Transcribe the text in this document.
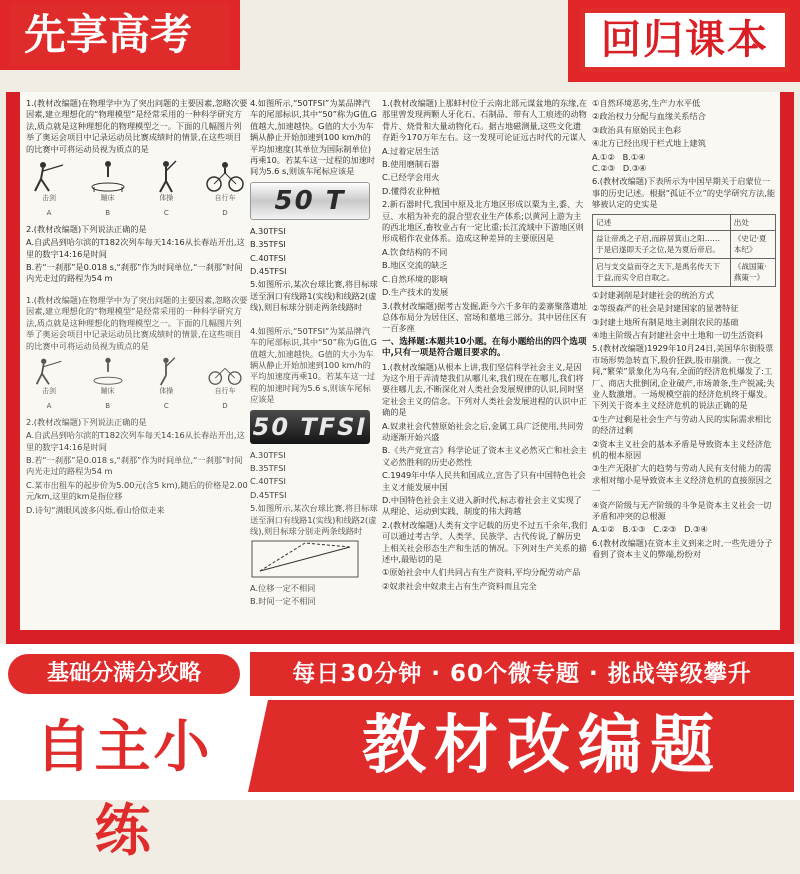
先享高考	回归课本

1.(教材改编题)在物理学中为了突出问题的主要因素,忽略次要因素,建立理想化的“物理模型”是经常采用的一种科学研究方法,质点就是这种理想化的物理模型之一。下面的几幅图片列举了奥运会项目中记录运动员比赛成绩时的情景,在这些项目的比赛中可将运动员视为质点的是

击剑	蹦床	体操	自行车
A	B	C	D

2.(教材改编题)下列说法正确的是

A.自武昌到哈尔滨的T182次列车每天14:16从长春站开出,这里的数字14:16是时间

B.若“一刹那”是0.018 s,“刹那”作为时间单位,“一刹那”时间内光走过的路程为54 m

1.(教材改编题)在物理学中为了突出问题的主要因素,忽略次要因素,建立理想化的“物理模型”是经常采用的一种科学研究方法,质点就是这种理想化的物理模型之一。下面的几幅图片列举了奥运会项目中记录运动员比赛成绩时的情景,在这些项目的比赛中可将运动员视为质点的是

击剑	蹦床	体操	自行车
A	B	C	D

2.(教材改编题)下列说法正确的是

A.自武昌到哈尔滨的T182次列车每天14:16从长春站开出,这里的数字14:16是时间

B.若“一刹那”是0.018 s,“刹那”作为时间单位,“一刹那”时间内光走过的路程为54 m

C.某市出租车的起步价为5.00元(含5 km),随后的价格是2.00元/km,这里的km是指位移

D.诗句“满眼风波多闪烁,看山恰似走来

4.如图所示,“50TFSI”为某品牌汽车的尾部标识,其中“50”称为G值,G值越大,加速越快。G值的大小为车辆从静止开始加速到100 km/h的平均加速度(其单位为国际制单位)再乘10。若某车这一过程的加速时间为5.6 s,则该车尾标应该是

50 T

A.30TFSI

B.35TFSI

C.40TFSI

D.45TFSI

5.如图所示,某次台球比赛,将目标球送至洞口有线路1(实线)和线路2(虚线),则目标球分别走两条线路时

4.如图所示,“50TFSI”为某品牌汽车的尾部标识,其中“50”称为G值,G值越大,加速越快。G值的大小为车辆从静止开始加速到100 km/h的平均加速度再乘10。若某车这一过程的加速时间为5.6 s,则该车尾标应该是

50 TFSI

A.30TFSI

B.35TFSI

C.40TFSI

D.45TFSI

5.如图所示,某次台球比赛,将目标球送至洞口有线路1(实线)和线路2(虚线),则目标球分别走两条线路时

A.位移一定不相同

B.时间一定不相同

1.(教材改编题)上那蚌村位于云南北部元谋盆地的东缘,在那里曾发现两颗人牙化石、石制品、带有人工痕迹的动物骨片、烧骨和大量动物化石。据古地磁测量,这些文化遗存距今170万年左右。这一发现可论证远古时代的元谋人

A.过着定居生活

B.使用磨制石器

C.已经学会用火

D.懂得农业种植

2.新石器时代,我国中原及北方地区形成以粟为主,黍、大豆、水稻为补充的混合型农业生产体系;以黄河上游为主的西北地区,畜牧业占有一定比重;长江流域中下游地区则形成稻作农业体系。造成这种差异的主要原因是

A.饮食结构的不同

B.地区交流的缺乏

C.自然环境的影响

D.生产技术的发展

3.(教材改编题)据考古发掘,距今六千多年的姜寨聚落遗址总体布局分为居住区、窑场和墓地三部分。其中居住区有一百多座

一、选择题:本题共10小题。在每小题给出的四个选项中,只有一项是符合题目要求的。

1.(教材改编题)从根本上讲,我们坚信科学社会主义,是因为这个用于弄清楚我们从哪儿来,我们现在在哪儿,我们将要往哪儿去,不断深化对人类社会发展规律的认识,同时坚定社会主义的信念。下列对人类社会发展进程的认识中正确的是

A.奴隶社会代替原始社会之后,金属工具广泛使用,共同劳动逐渐开始兴盛

B.《共产党宣言》科学论证了资本主义必然灭亡和社会主义必然胜利的历史必然性

C.1949年中华人民共和国成立,宣告了只有中国特色社会主义才能发展中国

D.中国特色社会主义进入新时代,标志着社会主义实现了从理论、运动到实践、制度的伟大跨越

2.(教材改编题)人类有文字记载的历史不过五千余年,我们可以通过考古学、人类学、民族学、古代传说,了解历史上相关社会形态生产和生活的情况。下列对生产关系的描述中,最贴切的是

①原始社会中人们共同占有生产资料,平均分配劳动产品

②奴隶社会中奴隶主占有生产资料而且完全

①自然环境恶劣,生产力水平低

②政治权力分配与血缘关系结合

③政治具有原始民主色彩

④北方已经出现于栏式地上建筑

A.①② B.①④
C.②③ D.③④

6.(教材改编题)下表所示为中国早期关于启蒙位一事的历史记述。根据“孤证不立”的史学研究方法,能够被认定的史实是

记述	出处
益让帝禹之子启,而辟居箕山之阳……于是启遂即天子之位,是为夏后帝启。	《史记·夏本纪》
启与支交益而夺之天下,是禹名传天下于益,而实令启自取之。	《战国策·燕策一》

①封建剥削是封建社会的统治方式

②等级森严的社会是封建国家的显著特征

③封建土地所有制是地主剥削农民的基础

④地主阶级占有封建社会中土地和一切生活资料

5.(教材改编题)1929年10月24日,美国华尔街股票市场形势急转直下,股价狂跌,股市崩溃。一夜之间,“繁荣”景象化为乌有,全面的经济危机爆发了:工厂、商店大批倒闭,企业破产,市场萧条,生产锐减;失业人数激增。一场规模空前的经济危机终于爆发。下列关于资本主义经济危机的说法正确的是

①生产过剩是社会生产与劳动人民的实际需求相比的经济过剩

②资本主义社会的基本矛盾是导致资本主义经济危机的根本原因

③生产无限扩大的趋势与劳动人民有支付能力的需求相对缩小是导致资本主义经济危机的直接原因之一

④资产阶级与无产阶级的斗争是资本主义社会一切矛盾和冲突的总根源

A.①② B.①③ C.②③ D.③④

6.(教材改编题)在资本主义到来之时,一些先进分子看到了资本主义的弊端,纷纷对

基础分满分攻略	每日30分钟 · 60个微专题 · 挑战等级攀升
自主小练
教材改编题
